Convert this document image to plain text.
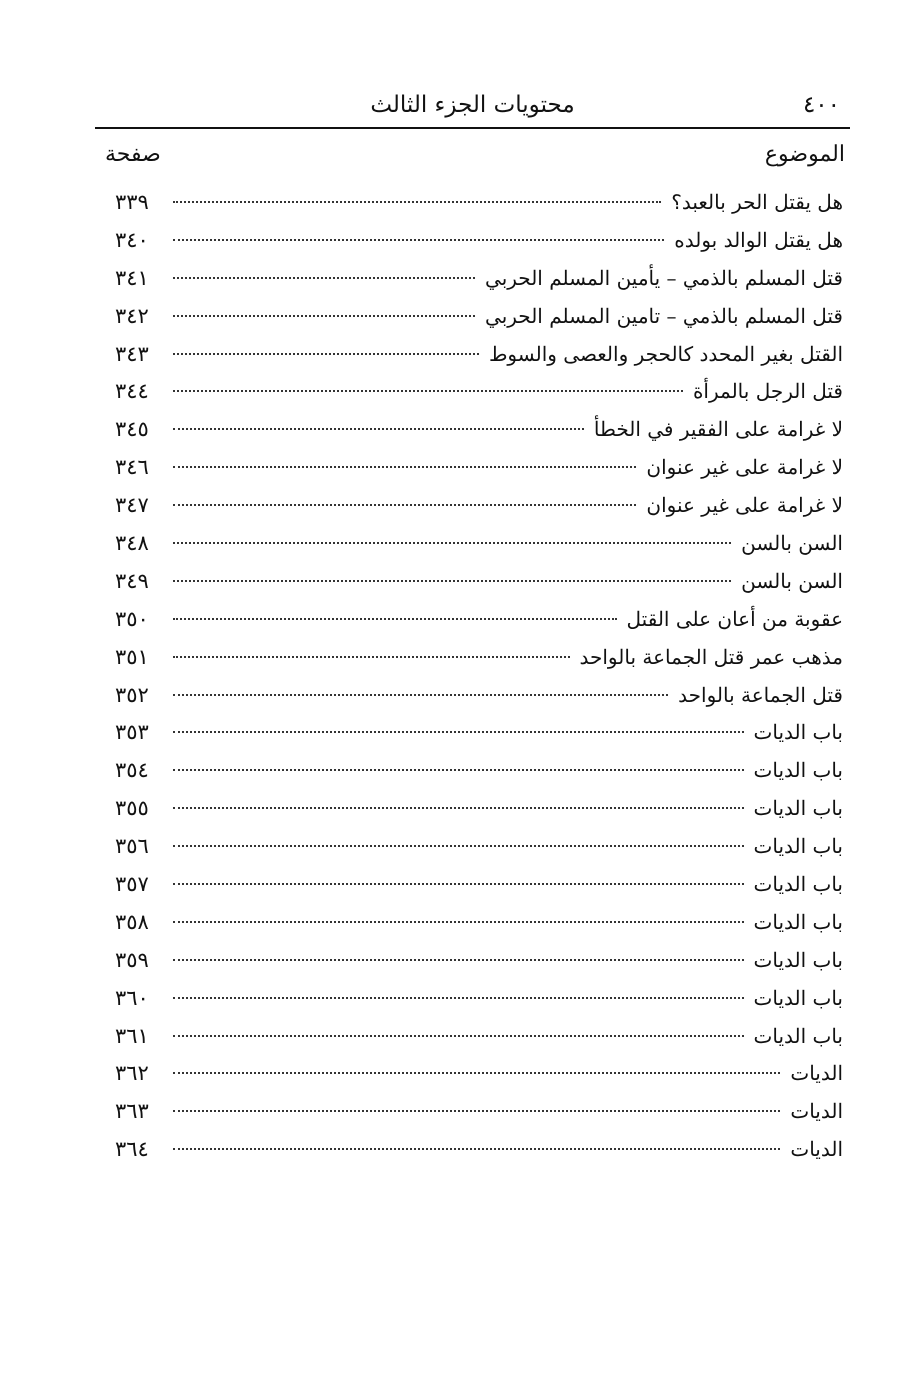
٤٠٠
محتويات الجزء الثالث
الموضوع
صفحة
هل يقتل الحر بالعبد؟
٣٣٩
هل يقتل الوالد بولده
٣٤٠
قتل المسلم بالذمي – يأمين المسلم الحربي
٣٤١
قتل المسلم بالذمي – تامين المسلم الحربي
٣٤٢
القتل بغير المحدد كالحجر والعصى والسوط
٣٤٣
قتل الرجل بالمرأة
٣٤٤
لا غرامة على الفقير في الخطأ
٣٤٥
لا غرامة على غير عنوان
٣٤٦
لا غرامة على غير عنوان
٣٤٧
السن بالسن
٣٤٨
السن بالسن
٣٤٩
عقوبة من أعان على القتل
٣٥٠
مذهب عمر قتل الجماعة بالواحد
٣٥١
قتل الجماعة بالواحد
٣٥٢
باب الديات
٣٥٣
باب الديات
٣٥٤
باب الديات
٣٥٥
باب الديات
٣٥٦
باب الديات
٣٥٧
باب الديات
٣٥٨
باب الديات
٣٥٩
باب الديات
٣٦٠
باب الديات
٣٦١
الديات
٣٦٢
الديات
٣٦٣
الديات
٣٦٤
